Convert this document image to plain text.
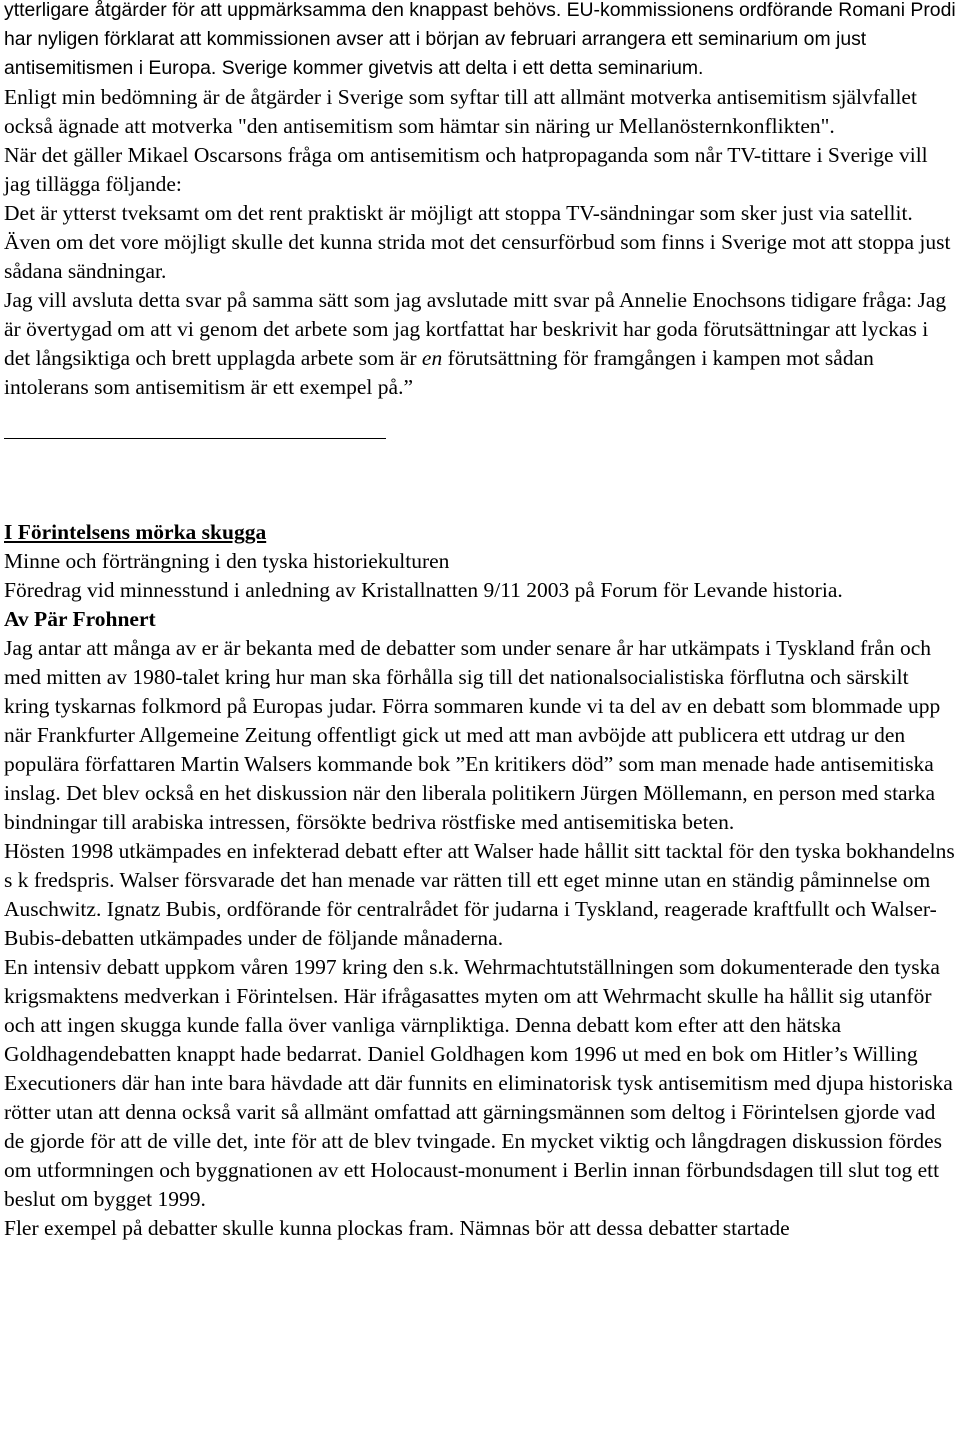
ytterligare åtgärder för att uppmärksamma den knappast behövs. EU-kommissionens ordförande Romani Prodi har nyligen förklarat att kommissionen avser att i början av februari arrangera ett seminarium om just antisemitismen i Europa. Sverige kommer givetvis att delta i ett detta seminarium.

Enligt min bedömning är de åtgärder i Sverige som syftar till att allmänt motverka antisemitism självfallet också ägnade att motverka "den antisemitism som hämtar sin näring ur Mellanösternkonflikten".

När det gäller Mikael Oscarsons fråga om antisemitism och hatpropaganda som når TV-tittare i Sverige vill jag tillägga följande:

Det är ytterst tveksamt om det rent praktiskt är möjligt att stoppa TV-sändningar som sker just via satellit. Även om det vore möjligt skulle det kunna strida mot det censurförbud som finns i Sverige mot att stoppa just sådana sändningar.

Jag vill avsluta detta svar på samma sätt som jag avslutade mitt svar på Annelie Enochsons tidigare fråga: Jag är övertygad om att vi genom det arbete som jag kortfattat har beskrivit har goda förutsättningar att lyckas i det långsiktiga och brett upplagda arbete som är en förutsättning för framgången i kampen mot sådan intolerans som antisemitism är ett exempel på.”

I Förintelsens mörka skugga

Minne och förträngning i den tyska historiekulturen

Föredrag vid minnesstund i anledning av Kristallnatten 9/11 2003 på Forum för Levande historia.

Av Pär Frohnert

Jag antar att många av er är bekanta med de debatter som under senare år har utkämpats i Tyskland från och med mitten av 1980-talet kring hur man ska förhålla sig till det nationalsocialistiska förflutna och särskilt kring tyskarnas folkmord på Europas judar. Förra sommaren kunde vi ta del av en debatt som blommade upp när Frankfurter Allgemeine Zeitung offentligt gick ut med att man avböjde att publicera ett utdrag ur den populära författaren Martin Walsers kommande bok ”En kritikers död” som man menade hade antisemitiska inslag. Det blev också en het diskussion när den liberala politikern Jürgen Möllemann, en person med starka bindningar till arabiska intressen, försökte bedriva röstfiske med antisemitiska beten.

Hösten 1998 utkämpades en infekterad debatt efter att Walser hade hållit sitt tacktal för den tyska bokhandelns s k fredspris. Walser försvarade det han menade var rätten till ett eget minne utan en ständig påminnelse om Auschwitz. Ignatz Bubis, ordförande för centralrådet för judarna i Tyskland, reagerade kraftfullt och Walser-Bubis-debatten utkämpades under de följande månaderna.

En intensiv debatt uppkom våren 1997 kring den s.k. Wehrmachtutställningen som dokumenterade den tyska krigsmaktens medverkan i Förintelsen. Här ifrågasattes myten om att Wehrmacht skulle ha hållit sig utanför och att ingen skugga kunde falla över vanliga värnpliktiga. Denna debatt kom efter att den hätska Goldhagendebatten knappt hade bedarrat. Daniel Goldhagen kom 1996 ut med en bok om Hitler’s Willing Executioners där han inte bara hävdade att där funnits en eliminatorisk tysk antisemitism med djupa historiska rötter utan att denna också varit så allmänt omfattad att gärningsmännen som deltog i Förintelsen gjorde vad de gjorde för att de ville det, inte för att de blev tvingade. En mycket viktig och långdragen diskussion fördes om utformningen och byggnationen av ett Holocaust-monument i Berlin innan förbundsdagen till slut tog ett beslut om bygget 1999.

Fler exempel på debatter skulle kunna plockas fram. Nämnas bör att dessa debatter startade
